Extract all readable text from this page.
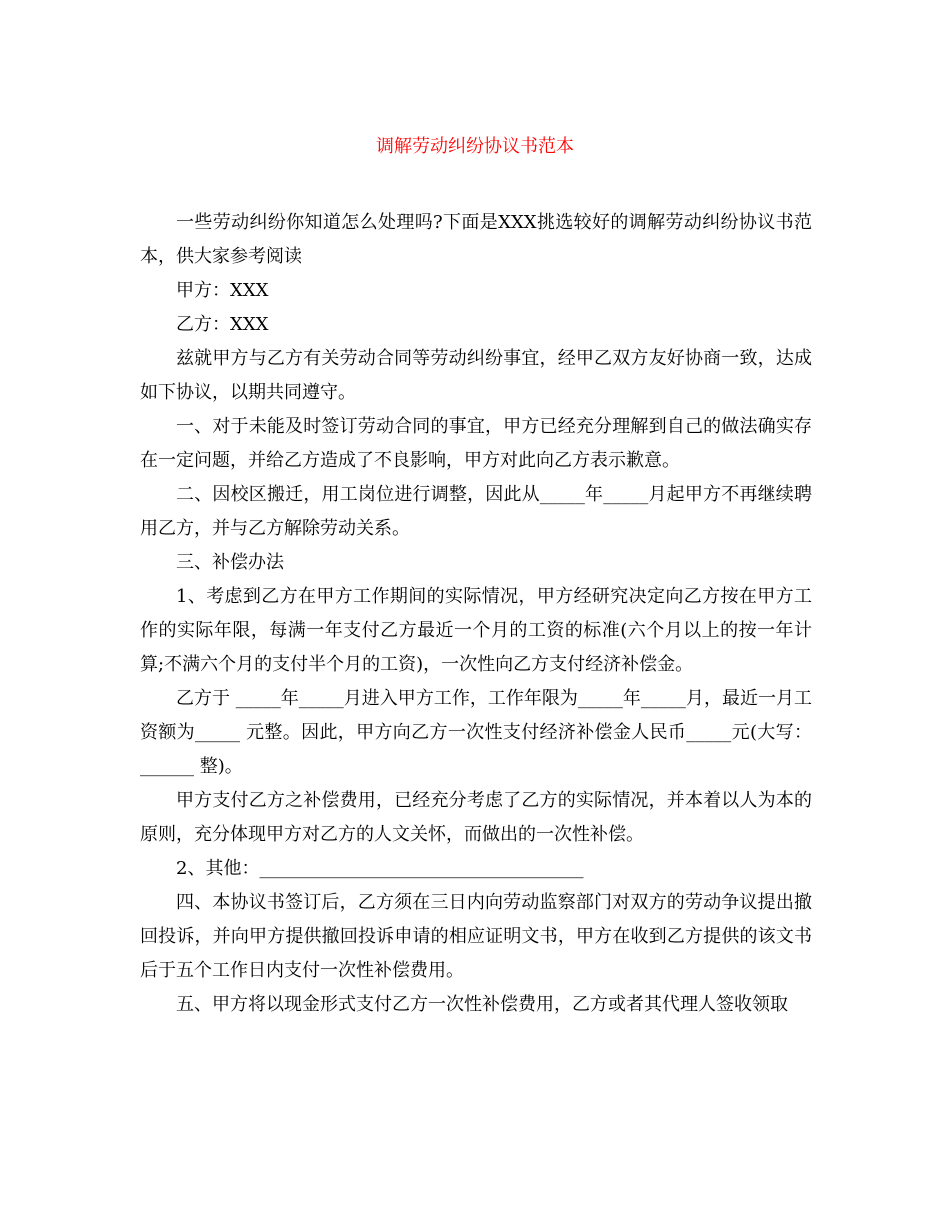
调解劳动纠纷协议书范本

一些劳动纠纷你知道怎么处理吗?下面是XXX挑选较好的调解劳动纠纷协议书范本，供大家参考阅读

甲方：XXX

乙方：XXX

兹就甲方与乙方有关劳动合同等劳动纠纷事宜，经甲乙双方友好协商一致，达成如下协议，以期共同遵守。

一、对于未能及时签订劳动合同的事宜，甲方已经充分理解到自己的做法确实存在一定问题，并给乙方造成了不良影响，甲方对此向乙方表示歉意。

二、因校区搬迁，用工岗位进行调整，因此从_____年_____月起甲方不再继续聘用乙方，并与乙方解除劳动关系。

三、补偿办法

1、考虑到乙方在甲方工作期间的实际情况，甲方经研究决定向乙方按在甲方工作的实际年限，每满一年支付乙方最近一个月的工资的标准(六个月以上的按一年计算;不满六个月的支付半个月的工资)，一次性向乙方支付经济补偿金。

乙方于 _____年_____月进入甲方工作，工作年限为_____年_____月，最近一月工资额为_____ 元整。因此，甲方向乙方一次性支付经济补偿金人民币_____元(大写：______ 整)。

甲方支付乙方之补偿费用，已经充分考虑了乙方的实际情况，并本着以人为本的原则，充分体现甲方对乙方的人文关怀，而做出的一次性补偿。

2、其他：____________________________________

四、本协议书签订后，乙方须在三日内向劳动监察部门对双方的劳动争议提出撤回投诉，并向甲方提供撤回投诉申请的相应证明文书，甲方在收到乙方提供的该文书后于五个工作日内支付一次性补偿费用。

五、甲方将以现金形式支付乙方一次性补偿费用，乙方或者其代理人签收领取
